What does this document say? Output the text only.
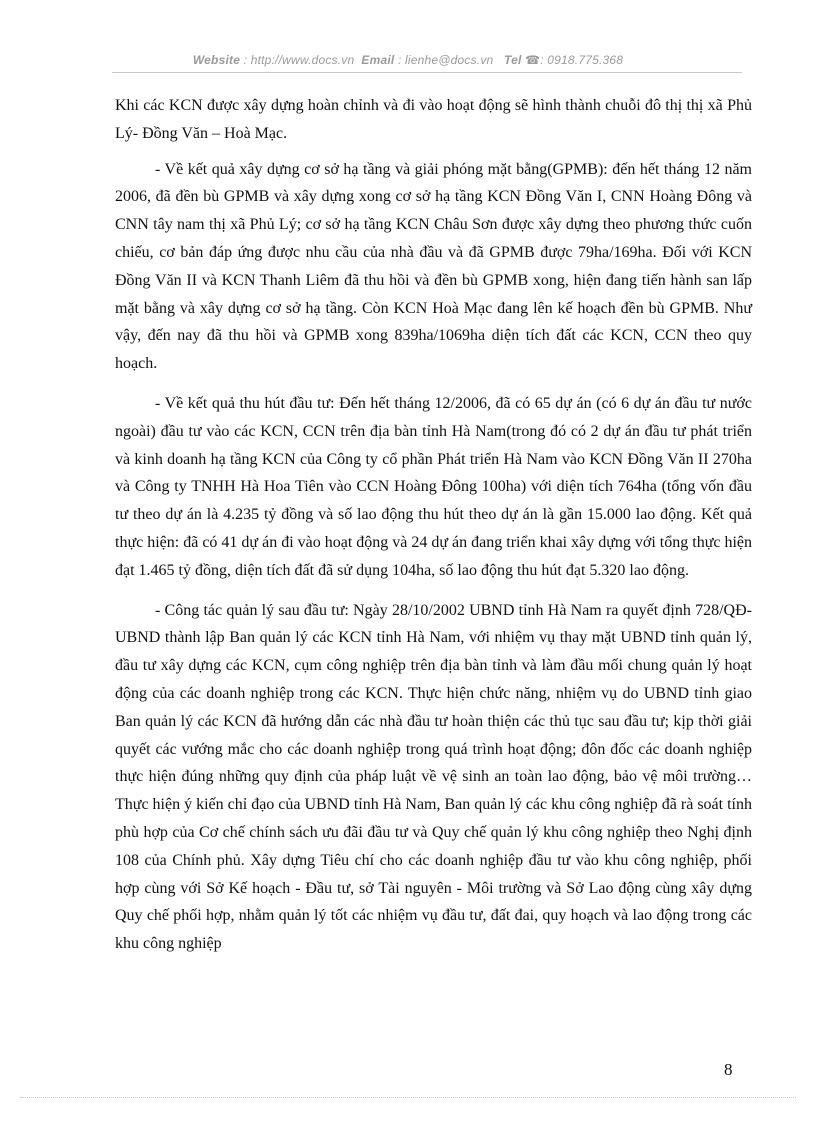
Website : http://www.docs.vn Email : lienhe@docs.vn Tel ☎: 0918.775.368

Khi các KCN được xây dựng hoàn chỉnh và đi vào hoạt động sẽ hình thành chuỗi đô thị thị xã Phủ Lý- Đồng Văn – Hoà Mạc.

- Về kết quả xây dựng cơ sở hạ tầng và giải phóng mặt bằng(GPMB): đến hết tháng 12 năm 2006, đã đền bù GPMB và xây dựng xong cơ sở hạ tầng KCN Đồng Văn I, CNN Hoàng Đông và CNN tây nam thị xã Phủ Lý; cơ sở hạ tầng KCN Châu Sơn được xây dựng theo phương thức cuốn chiếu, cơ bản đáp ứng được nhu cầu của nhà đầu và đã GPMB được 79ha/169ha. Đối với KCN Đồng Văn II và KCN Thanh Liêm đã thu hồi và đền bù GPMB xong, hiện đang tiến hành san lấp mặt bằng và xây dựng cơ sở hạ tầng. Còn KCN Hoà Mạc đang lên kế hoạch đền bù GPMB. Như vậy, đến nay đã thu hồi và GPMB xong 839ha/1069ha diện tích đất các KCN, CCN theo quy hoạch.

- Về kết quả thu hút đầu tư: Đến hết tháng 12/2006, đã có 65 dự án (có 6 dự án đầu tư nước ngoài) đầu tư vào các KCN, CCN trên địa bàn tỉnh Hà Nam(trong đó có 2 dự án đầu tư phát triển và kinh doanh hạ tầng KCN của Công ty cổ phần Phát triển Hà Nam vào KCN Đồng Văn II 270ha và Công ty TNHH Hà Hoa Tiên vào CCN Hoàng Đông 100ha) với diện tích 764ha (tổng vốn đầu tư theo dự án là 4.235 tỷ đồng và số lao động thu hút theo dự án là gần 15.000 lao động. Kết quả thực hiện: đã có 41 dự án đi vào hoạt động và 24 dự án đang triển khai xây dựng với tổng thực hiện đạt 1.465 tỷ đồng, diện tích đất đã sử dụng 104ha, số lao động thu hút đạt 5.320 lao động.

- Công tác quản lý sau đầu tư: Ngày 28/10/2002 UBND tỉnh Hà Nam ra quyết định 728/QĐ-UBND thành lập Ban quản lý các KCN tỉnh Hà Nam, với nhiệm vụ thay mặt UBND tỉnh quản lý, đầu tư xây dựng các KCN, cụm công nghiệp trên địa bàn tỉnh và làm đầu mối chung quản lý hoạt động của các doanh nghiệp trong các KCN. Thực hiện chức năng, nhiệm vụ do UBND tỉnh giao Ban quản lý các KCN đã hướng dẫn các nhà đầu tư hoàn thiện các thủ tục sau đầu tư; kịp thời giải quyết các vướng mắc cho các doanh nghiệp trong quá trình hoạt động; đôn đốc các doanh nghiệp thực hiện đúng những quy định của pháp luật về vệ sinh an toàn lao động, bảo vệ môi trường… Thực hiện ý kiến chỉ đạo của UBND tỉnh Hà Nam, Ban quản lý các khu công nghiệp đã rà soát tính phù hợp của Cơ chế chính sách ưu đãi đầu tư và Quy chế quản lý khu công nghiệp theo Nghị định 108 của Chính phủ. Xây dựng Tiêu chí cho các doanh nghiệp đầu tư vào khu công nghiệp, phối hợp cùng với Sở Kế hoạch - Đầu tư, sở Tài nguyên - Môi trường và Sở Lao động cùng xây dựng Quy chế phối hợp, nhằm quản lý tốt các nhiệm vụ đầu tư, đất đai, quy hoạch và lao động trong các khu công nghiệp

8
